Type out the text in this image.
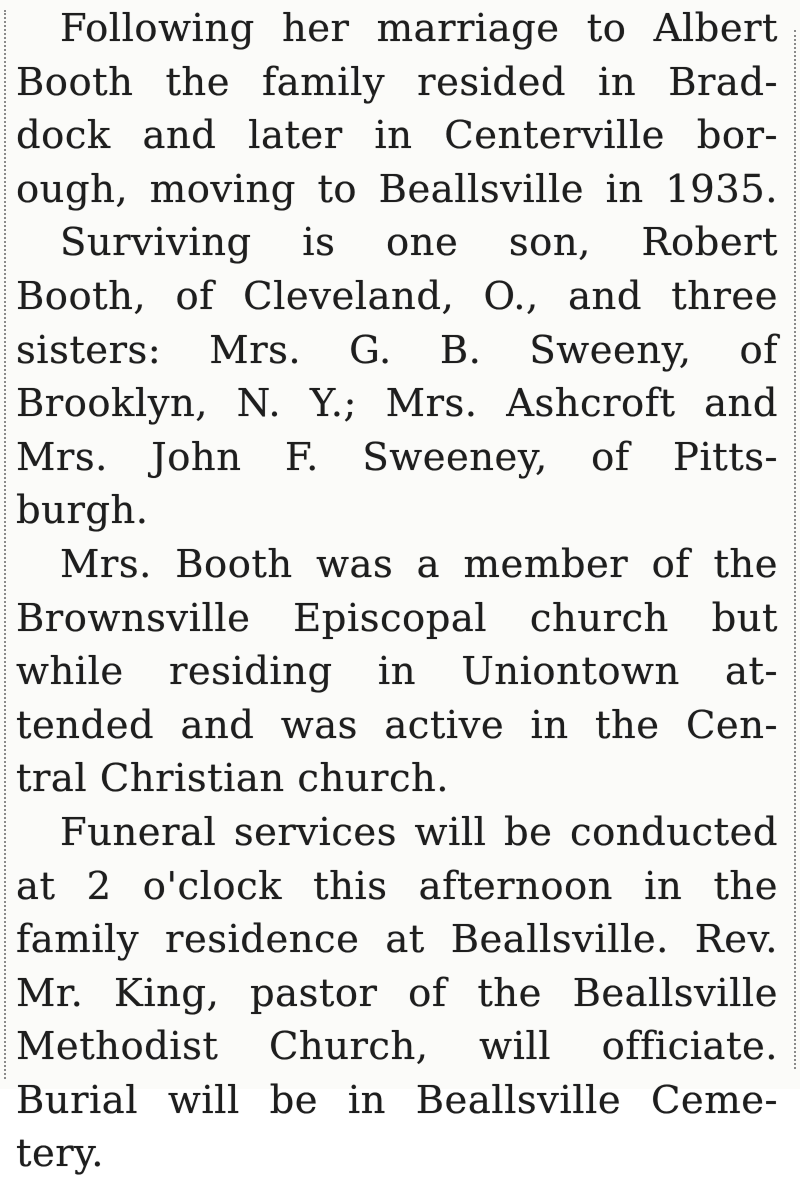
Following her marriage to Albert
Booth the family resided in Brad-
dock and later in Centerville bor-
ough, moving to Beallsville in 1935.
Surviving is one son, Robert
Booth, of Cleveland, O., and three
sisters: Mrs. G. B. Sweeny, of
Brooklyn, N. Y.; Mrs. Ashcroft and
Mrs. John F. Sweeney, of Pitts-
burgh.
Mrs. Booth was a member of the
Brownsville Episcopal church but
while residing in Uniontown at-
tended and was active in the Cen-
tral Christian church.
Funeral services will be conducted
at 2 o'clock this afternoon in the
family residence at Beallsville. Rev.
Mr. King, pastor of the Beallsville
Methodist Church, will officiate.
Burial will be in Beallsville Ceme-
tery.
